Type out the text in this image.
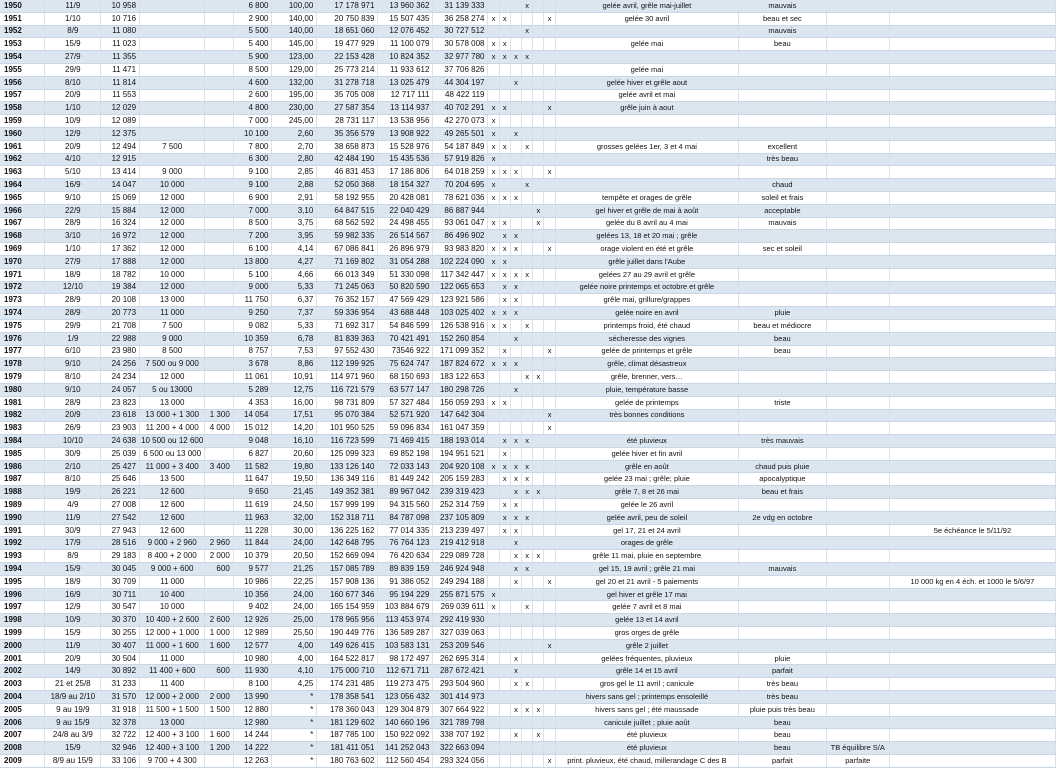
1950	11/9	10 958			6 800	100,00	17 178 971	13 960 362	31 139 333				x			gelée avril, grêle mai-juillet	mauvais		
1951	1/10	10 716			2 900	140,00	20 750 839	15 507 435	36 258 274	x	x				x	gelée 30 avril	beau et sec		
1952	8/9	11 080			5 500	140,00	18 651 060	12 076 452	30 727 512				x				mauvais		
1953	15/9	11 023			5 400	145,00	19 477 929	11 100 079	30 578 008	x	x					gelée mai	beau		
1954	27/9	11 355			5 900	123,00	22 153 428	10 824 352	32 977 780	x	x	x	x						
1955	29/9	11 471			8 500	129,00	25 773 214	11 933 612	37 706 826							gelée mai			
1956	8/10	11 814			4 600	132,00	31 278 718	13 025 479	44 304 197			x				gelée hiver et grêle aout			
1957	20/9	11 553			2 600	195,00	35 705 008	12 717 111	48 422 119							gelée avril et mai			
1958	1/10	12 029			4 800	230,00	27 587 354	13 114 937	40 702 291	x	x				x	grêle juin à aout			
1959	10/9	12 089			7 000	245,00	28 731 117	13 538 956	42 270 073	x									
1960	12/9	12 375			10 100	2,60	35 356 579	13 908 922	49 265 501	x		x							
1961	20/9	12 494	7 500		7 800	2,70	38 658 873	15 528 976	54 187 849	x	x		x			grosses gelées 1er, 3 et 4 mai	excellent		
1962	4/10	12 915			6 300	2,80	42 484 190	15 435 536	57 919 826	x							très beau		
1963	5/10	13 414	9 000		9 100	2,85	46 831 453	17 186 806	64 018 259	x	x	x			x				
1964	16/9	14 047	10 000		9 100	2,88	52 050 368	18 154 327	70 204 695	x			x				chaud		
1965	9/10	15 069	12 000		6 900	2,91	58 192 955	20 428 081	78 621 036	x	x	x				tempête et orages de grêle	soleil et frais		
1966	22/9	15 884	12 000		7 000	3,10	64 847 515	22 040 429	86 887 944					x		gel hiver et grêle de mai à août	acceptable		
1967	28/9	16 324	12 000		8 500	3,75	68 562 592	24 498 455	93 061 047	x	x			x		gelée du 8 avril au 4 mai	mauvais		
1968	3/10	16 972	12 000		7 200	3,95	59 982 335	26 514 567	86 496 902		x	x				gelées 13, 18 et 20 mai ; grêle			
1969	1/10	17 362	12 000		6 100	4,14	67 086 841	26 896 979	93 983 820	x	x	x			x	orage violent en été et grêle	sec et soleil		
1970	27/9	17 888	12 000		13 800	4,27	71 169 802	31 054 288	102 224 090	x	x					grêle juillet dans l'Aube			
1971	18/9	18 782	10 000		5 100	4,66	66 013 349	51 330 098	117 342 447	x	x	x	x			gelées 27 au 29 avril et grêle			
1972	12/10	19 384	12 000		9 000	5,33	71 245 063	50 820 590	122 065 653		x	x				gelée noire printemps et octobre et grêle			
1973	28/9	20 108	13 000		11 750	6,37	76 352 157	47 569 429	123 921 586		x	x				grêle mai, grillure/grappes			
1974	28/9	20 773	11 000		9 250	7,37	59 336 954	43 688 448	103 025 402	x	x	x				gelée noire en avril	pluie		
1975	29/9	21 708	7 500		9 082	5,33	71 692 317	54 846 599	126 538 916	x	x		x			printemps froid, été chaud	beau et médiocre		
1976	1/9	22 988	9 000		10 359	6,78	81 839 363	70 421 491	152 260 854			x				sécheresse des vignes	beau		
1977	6/10	23 980	8 500		8 757	7,53	97 552 430	73546 922	171 099 352		x				x	gelée de printemps et grêle	beau		
1978	9/10	24 256	7 500 ou 9 000		3 678	8,86	112 199 925	75 624 747	187 824 672	x	x	x				grêle, climat désastreux			
1979	8/10	24 234	12 000		11 061	10,91	114 971 960	68 150 693	183 122 653				x	x		grêle, brenner, vers…			
1980	9/10	24 057	5 ou 13000		5 289	12,75	116 721 579	63 577 147	180 298 726			x				pluie, température basse			
1981	28/9	23 823	13 000		4 353	16,00	98 731 809	57 327 484	156 059 293	x	x					gelée de printemps	triste		
1982	20/9	23 618	13 000 + 1 300	1 300	14 054	17,51	95 070 384	52 571 920	147 642 304						x	très bonnes conditions			
1983	26/9	23 903	11 200 + 4 000	4 000	15 012	14,20	101 950 525	59 096 834	161 047 359						x				
1984	10/10	24 638	10 500 ou 12 600		9 048	16,10	116 723 599	71 469 415	188 193 014		x	x	x			été pluvieux	très mauvais		
1985	30/9	25 039	6 500 ou 13 000		6 827	20,60	125 099 323	69 852 198	194 951 521		x					gelée hiver et fin avril			
1986	2/10	25 427	11 000 + 3 400	3 400	11 582	19,80	133 126 140	72 033 143	204 920 108	x	x	x	x			grêle en août	chaud puis pluie		
1987	8/10	25 646	13 500		11 647	19,50	136 349 116	81 449 242	205 159 283		x	x	x			gelée 23 mai ; grêle; pluie	apocalyptique		
1988	19/9	26 221	12 600		9 650	21,45	149 352 381	89 967 042	239 319 423			x	x	x		grêle 7, 8 et 26 mai	beau et frais		
1989	4/9	27 008	12 600		11 619	24,50	157 999 199	94 315 560	252 314 759		x	x				gelée le 26 avril			
1990	11/9	27 542	12 600		11 963	32,00	152 318 711	84 787 098	237 105 809		x	x	x			gelée avril, peu de soleil	2e vdg en octobre		
1991	30/9	27 943	12 600		11 228	30,00	136 225 162	77 014 335	213 239 497		x	x				gel 17, 21 et 24 avril			5e échéance le 5/11/92
1992	17/9	28 516	9 000 + 2 960	2 960	11 844	24,00	142 648 795	76 764 123	219 412 918			x				orages de grêle			
1993	8/9	29 183	8 400 + 2 000	2 000	10 379	20,50	152 669 094	76 420 634	229 089 728			x	x	x		grêle 11 mai, pluie en septembre			
1994	15/9	30 045	9 000 + 600	600	9 577	21,25	157 085 789	89 839 159	246 924 948			x	x			gel 15, 19 avril ; grêle 21 mai	mauvais		
1995	18/9	30 709	11 000		10 986	22,25	157 908 136	91 386 052	249 294 188			x			x	gel 20 et 21 avril - 5 paiements			10 000 kg en 4 éch. et 1000 le 5/6/97
1996	16/9	30 711	10 400		10 356	24,00	160 677 346	95 194 229	255 871 575	x						gel hiver et grêle 17 mai			
1997	12/9	30 547	10 000		9 402	24,00	165 154 959	103 884 679	269 039 611	x			x			gelée 7 avril et 8 mai			
1998	10/9	30 370	10 400 + 2 600	2 600	12 926	25,00	178 965 956	113 453 974	292 419 930							gelée 13 et 14 avril			
1999	15/9	30 255	12 000 + 1 000	1 000	12 989	25,50	190 449 776	136 589 287	327 039 063							gros orges de grêle			
2000	11/9	30 407	11 000 + 1 600	1 600	12 577	4,00	149 626 415	103 583 131	253 209 546						x	grêle 2 juillet			
2001	20/9	30 504	11 000		10 980	4,00	164 522 817	98 172 497	262 695 314			x				gelées fréquentes, pluvieux	pluie		
2002	14/9	30 892	11 400 + 600	600	11 930	4,10	175 000 710	112 671 711	287 672 421			x				grêle 14 et 15 avril	parfait		
2003	21 et 25/8	31 233	11 400		8 100	4,25	174 231 485	119 273 475	293 504 960			x	x			gros gel le 11 avril ; canicule	très beau		
2004	18/9 au 2/10	31 570	12 000 + 2 000	2 000	13 990	*	178 358 541	123 056 432	301 414 973							hivers sans gel ; printemps ensoleillé	très beau		
2005	9 au 19/9	31 918	11 500 + 1 500	1 500	12 880	*	178 360 043	129 304 879	307 664 922			x	x	x		hivers sans gel ; été maussade	pluie puis très beau		
2006	9 au 15/9	32 378	13 000		12 980	*	181 129 602	140 660 196	321 789 798							canicule juillet ; pluie août	beau		
2007	24/8 au 3/9	32 722	12 400 + 3 100	1 600	14 244	*	187 785 100	150 922 092	338 707 192			x		x		été pluvieux	beau		
2008	15/9	32 946	12 400 + 3 100	1 200	14 222	*	181 411 051	141 252 043	322 663 094							été pluvieux	beau	TB équilibre S/A	
2009	8/9 au 15/9	33 106	9 700 + 4 300		12 263	*	180 763 602	112 560 454	293 324 056						x	print. pluvieux, été chaud, millerandage C des B	parfait	parfaite	
